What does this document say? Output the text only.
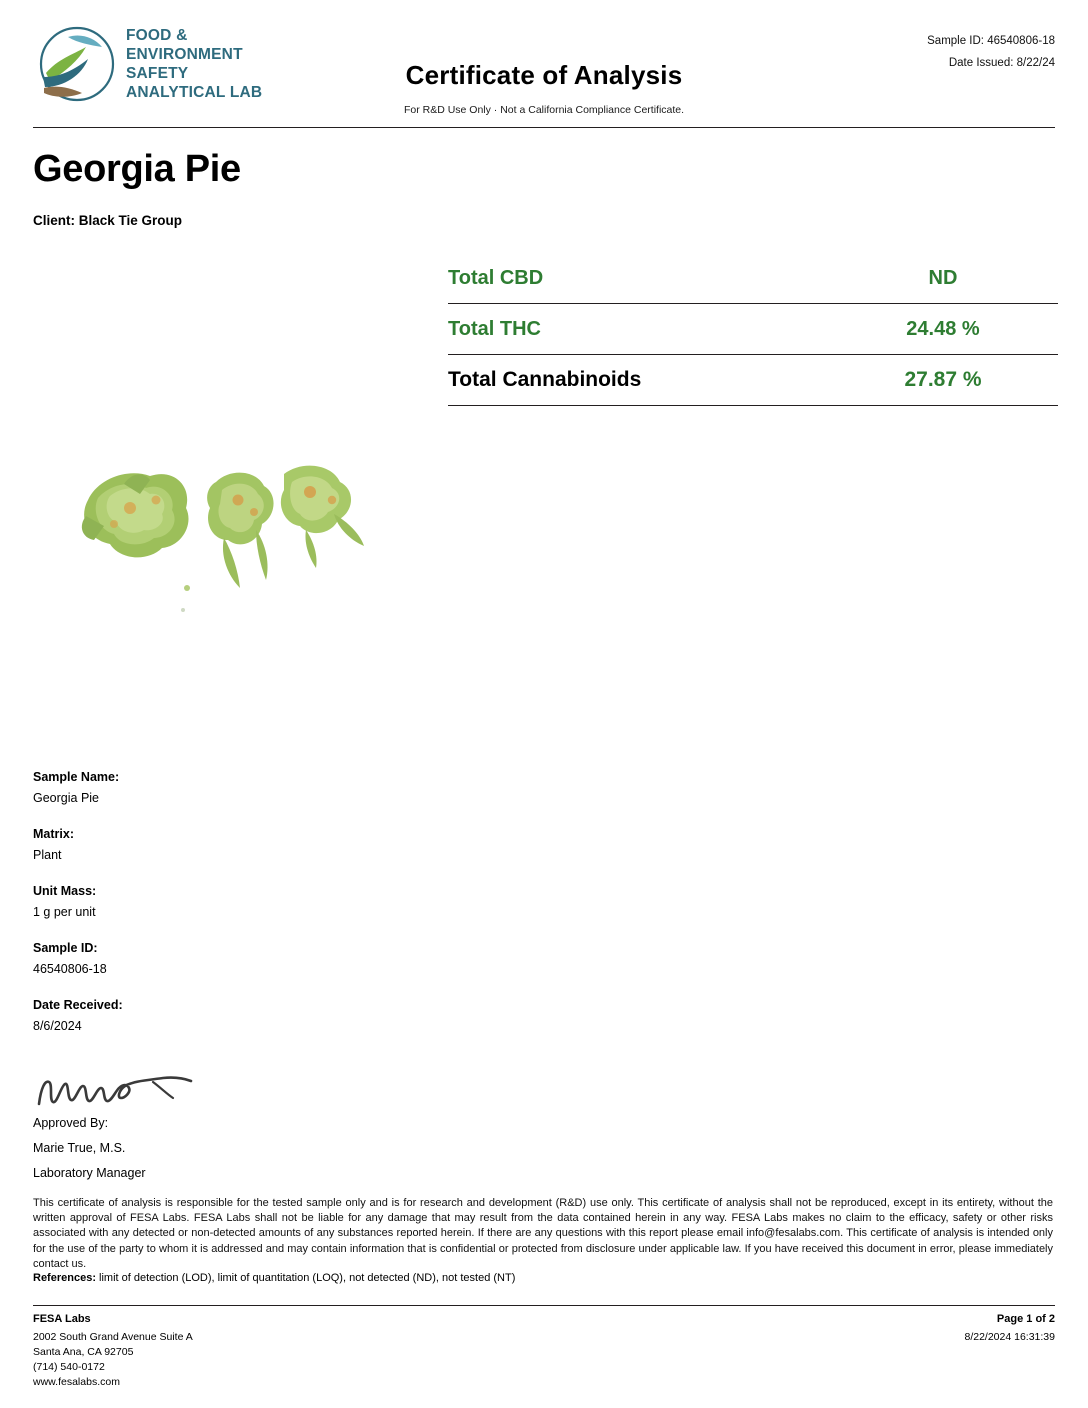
FOOD &
ENVIRONMENT
SAFETY
ANALYTICAL LAB
Certificate of Analysis
For R&D Use Only · Not a California Compliance Certificate.
Sample ID: 46540806-18
Date Issued: 8/22/24
Georgia Pie
Client: Black Tie Group
Total CBD	ND
Total THC	24.48 %
Total Cannabinoids	27.87 %
Sample Name:
Georgia Pie
Matrix:
Plant
Unit Mass:
1 g per unit
Sample ID:
46540806-18
Date Received:
8/6/2024
Approved By:
Marie True, M.S.
Laboratory Manager
This certificate of analysis is responsible for the tested sample only and is for research and development (R&D) use only. This certificate of analysis shall not be reproduced, except in its entirety, without the written approval of FESA Labs. FESA Labs shall not be liable for any damage that may result from the data contained herein in any way. FESA Labs makes no claim to the efficacy, safety or other risks associated with any detected or non-detected amounts of any substances reported herein. If there are any questions with this report please email info@fesalabs.com. This certificate of analysis is intended only for the use of the party to whom it is addressed and may contain information that is confidential or protected from disclosure under applicable law. If you have received this document in error, please immediately contact us.
References: limit of detection (LOD), limit of quantitation (LOQ), not detected (ND), not tested (NT)
FESA Labs
2002 South Grand Avenue Suite A
Santa Ana, CA 92705
(714) 540-0172
www.fesalabs.com
Page 1 of 2
8/22/2024 16:31:39
